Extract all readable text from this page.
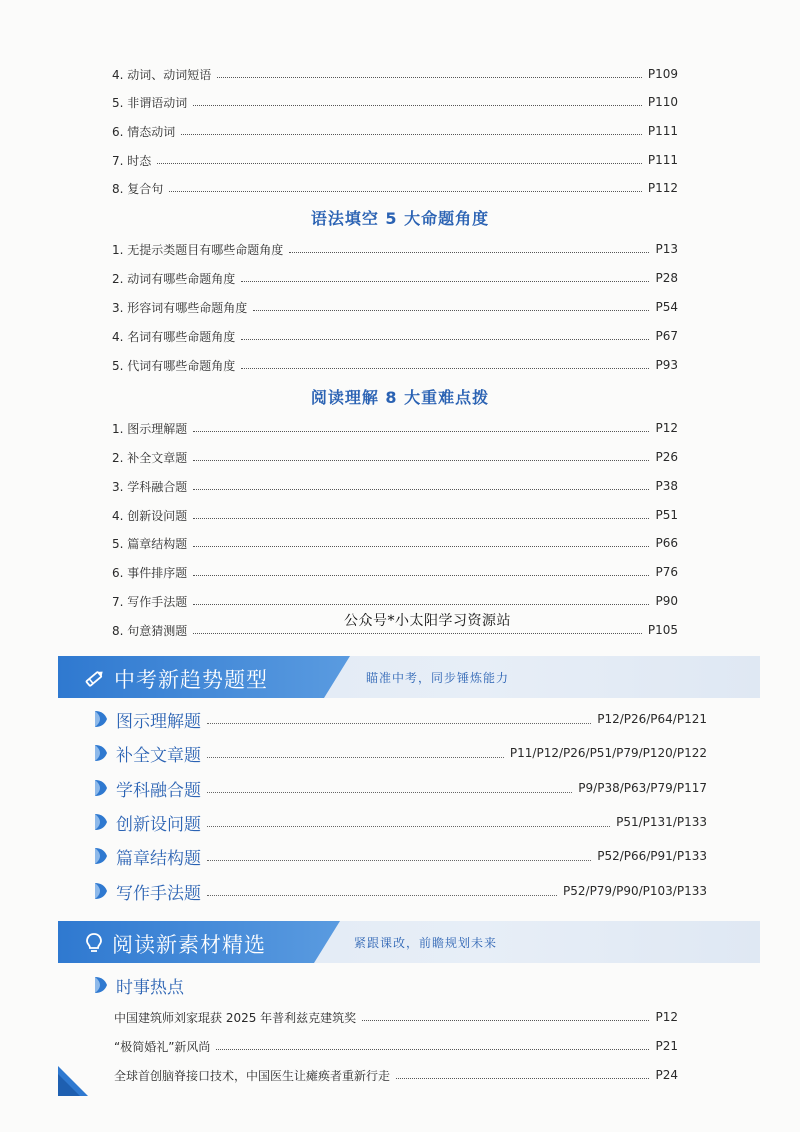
4. 动词、动词短语	P109
5. 非谓语动词	P110
6. 情态动词	P111
7. 时态	P111
8. 复合句	P112
语法填空 5 大命题角度
1. 无提示类题目有哪些命题角度	P13
2. 动词有哪些命题角度	P28
3. 形容词有哪些命题角度	P54
4. 名词有哪些命题角度	P67
5. 代词有哪些命题角度	P93
阅读理解 8 大重难点拨
1. 图示理解题	P12
2. 补全文章题	P26
3. 学科融合题	P38
4. 创新设问题	P51
5. 篇章结构题	P66
6. 事件排序题	P76
7. 写作手法题	P90
8. 句意猜测题	P105
公众号*小太阳学习资源站
中考新趋势题型	瞄准中考，同步锤炼能力
图示理解题	P12/P26/P64/P121
补全文章题	P11/P12/P26/P51/P79/P120/P122
学科融合题	P9/P38/P63/P79/P117
创新设问题	P51/P131/P133
篇章结构题	P52/P66/P91/P133
写作手法题	P52/P79/P90/P103/P133
阅读新素材精选	紧跟课改，前瞻规划未来
时事热点
中国建筑师刘家琨获 2025 年普利兹克建筑奖	P12
“极简婚礼”新风尚	P21
全球首创脑脊接口技术，中国医生让瘫痪者重新行走	P24
